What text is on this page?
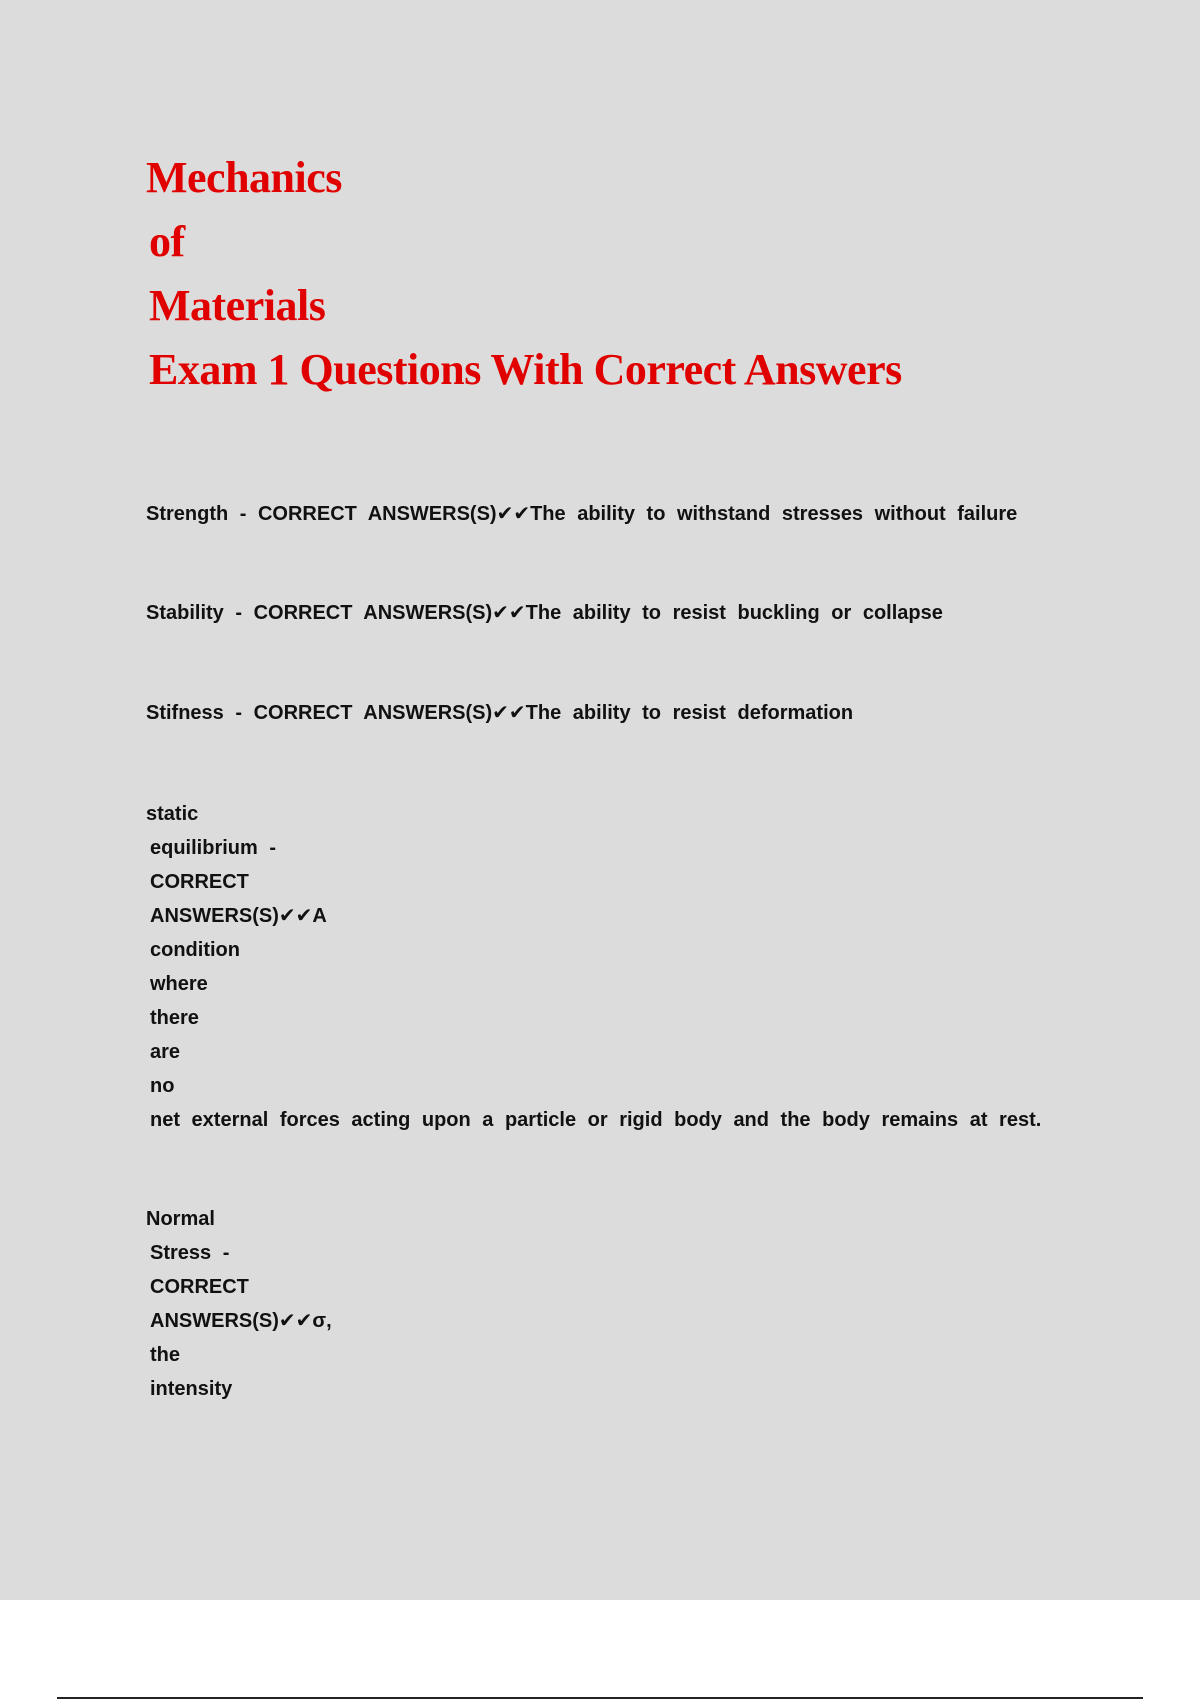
Mechanics
of
Materials
Exam 1 Questions With Correct Answers
Strength - CORRECT ANSWERS(S)✔✔The ability to withstand stresses without failure
Stability - CORRECT ANSWERS(S)✔✔The ability to resist buckling or collapse
Stifness - CORRECT ANSWERS(S)✔✔The ability to resist deformation
static
equilibrium -
CORRECT
ANSWERS(S)✔✔A
condition
where
there
are
no
net external forces acting upon a particle or rigid body and the body remains at rest.
Normal
Stress -
CORRECT
ANSWERS(S)✔✔σ,
the
intensity
